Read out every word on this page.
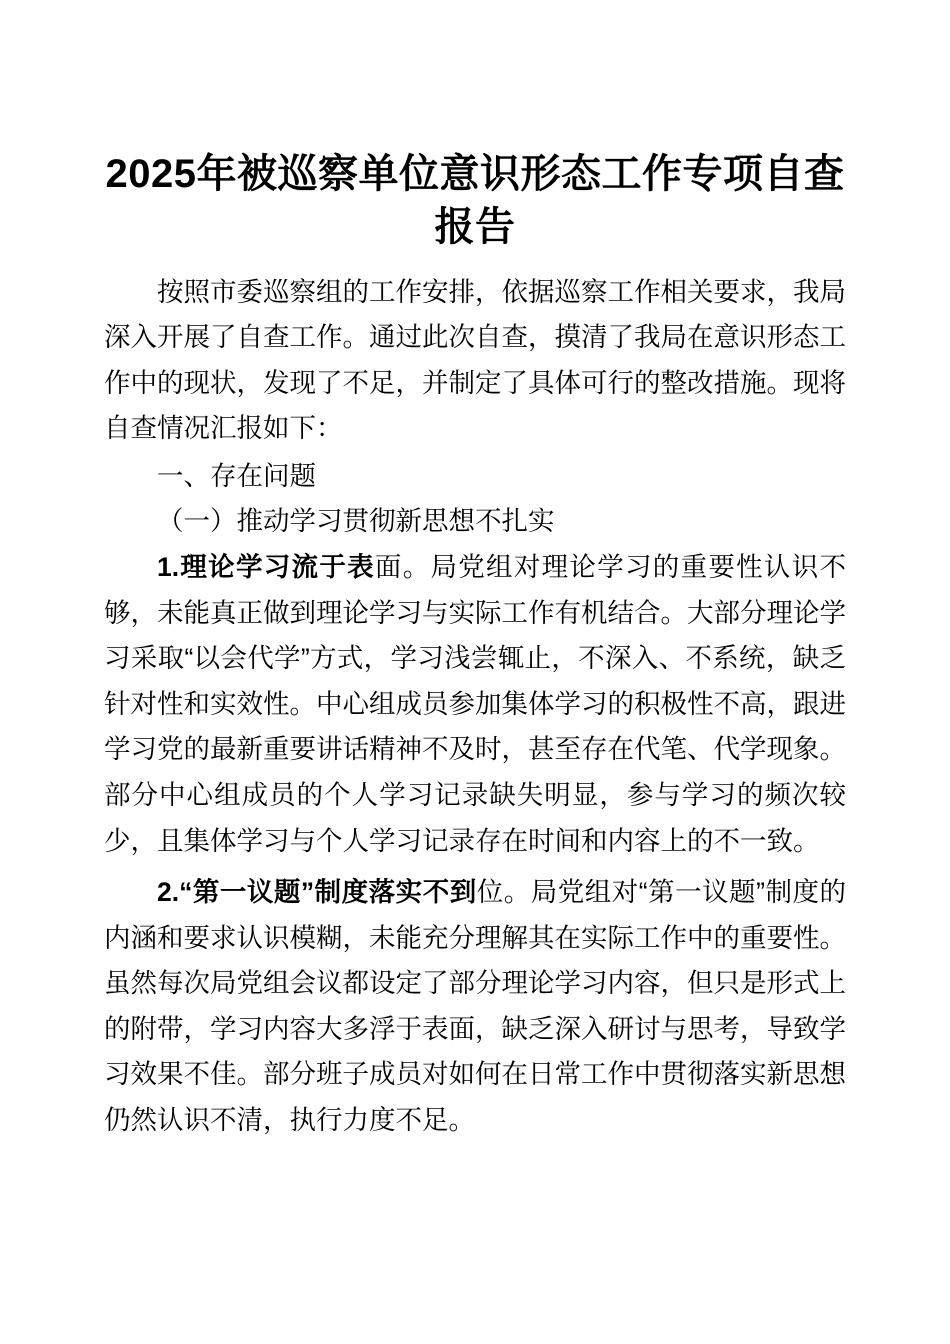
2025年被巡察单位意识形态工作专项自查报告

按照市委巡察组的工作安排，依据巡察工作相关要求，我局深入开展了自查工作。通过此次自查，摸清了我局在意识形态工作中的现状，发现了不足，并制定了具体可行的整改措施。现将自查情况汇报如下：

一、存在问题

（一）推动学习贯彻新思想不扎实

1.理论学习流于表面。局党组对理论学习的重要性认识不够，未能真正做到理论学习与实际工作有机结合。大部分理论学习采取“以会代学”方式，学习浅尝辄止，不深入、不系统，缺乏针对性和实效性。中心组成员参加集体学习的积极性不高，跟进学习党的最新重要讲话精神不及时，甚至存在代笔、代学现象。部分中心组成员的个人学习记录缺失明显，参与学习的频次较少，且集体学习与个人学习记录存在时间和内容上的不一致。

2.“第一议题”制度落实不到位。局党组对“第一议题”制度的内涵和要求认识模糊，未能充分理解其在实际工作中的重要性。虽然每次局党组会议都设定了部分理论学习内容，但只是形式上的附带，学习内容大多浮于表面，缺乏深入研讨与思考，导致学习效果不佳。部分班子成员对如何在日常工作中贯彻落实新思想仍然认识不清，执行力度不足。
